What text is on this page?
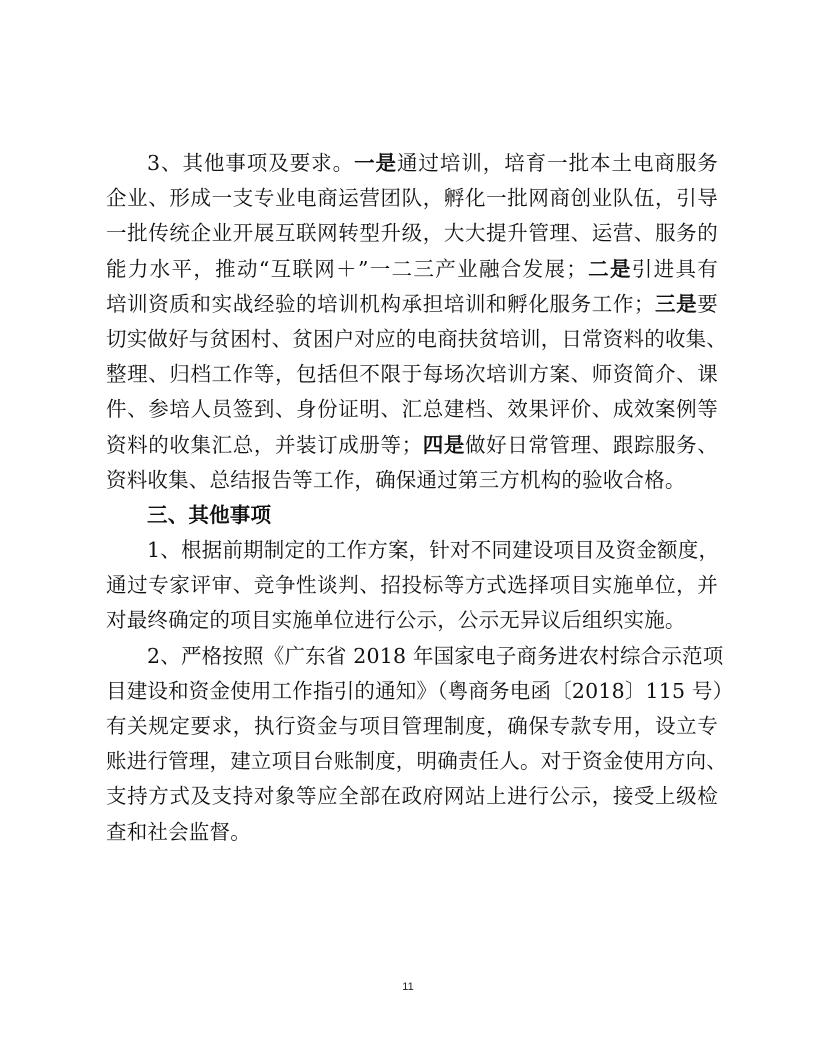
3、其他事项及要求。一是通过培训，培育一批本土电商服务
企业、形成一支专业电商运营团队，孵化一批网商创业队伍，引导
一批传统企业开展互联网转型升级，大大提升管理、运营、服务的
能力水平，推动“互联网＋”一二三产业融合发展；二是引进具有
培训资质和实战经验的培训机构承担培训和孵化服务工作；三是要
切实做好与贫困村、贫困户对应的电商扶贫培训，日常资料的收集、
整理、归档工作等，包括但不限于每场次培训方案、师资简介、课
件、参培人员签到、身份证明、汇总建档、效果评价、成效案例等
资料的收集汇总，并装订成册等；四是做好日常管理、跟踪服务、
资料收集、总结报告等工作，确保通过第三方机构的验收合格。
三、其他事项
1、根据前期制定的工作方案，针对不同建设项目及资金额度，
通过专家评审、竞争性谈判、招投标等方式选择项目实施单位，并
对最终确定的项目实施单位进行公示，公示无异议后组织实施。
2、严格按照《广东省 2018 年国家电子商务进农村综合示范项
目建设和资金使用工作指引的通知》（粤商务电函〔2018〕115 号）
有关规定要求，执行资金与项目管理制度，确保专款专用，设立专
账进行管理，建立项目台账制度，明确责任人。对于资金使用方向、
支持方式及支持对象等应全部在政府网站上进行公示，接受上级检
查和社会监督。
11
